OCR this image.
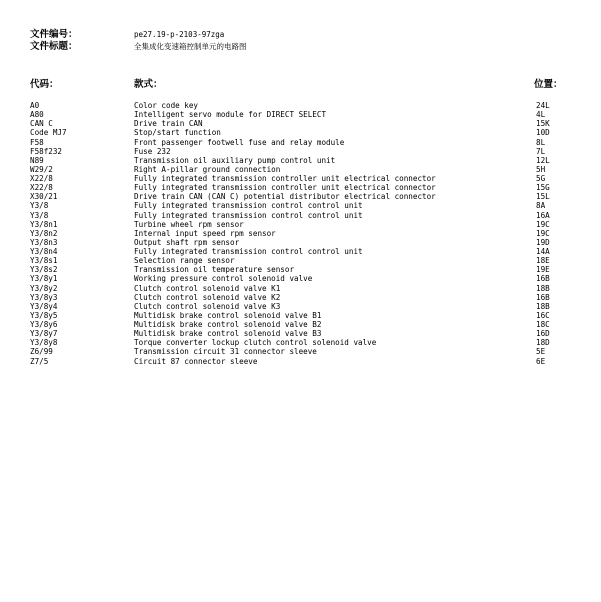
文件编号：	pe27.19-p-2103-97zga
文件标题：	全集成化变速箱控制单元的电路图
代码：	款式：	位置：
A0	Color code key	24L
A80	Intelligent servo module for DIRECT SELECT	4L
CAN C	Drive train CAN	15K
Code MJ7	Stop/start function	10D
F58	Front passenger footwell fuse and relay module	8L
F58f232	Fuse 232	7L
N89	Transmission oil auxiliary pump control unit	12L
W29/2	Right A-pillar ground connection	5H
X22/8	Fully integrated transmission controller unit electrical connector	5G
X22/8	Fully integrated transmission controller unit electrical connector	15G
X30/21	Drive train CAN (CAN C) potential distributor electrical connector	15L
Y3/8	Fully integrated transmission control control unit	8A
Y3/8	Fully integrated transmission control control unit	16A
Y3/8n1	Turbine wheel rpm sensor	19C
Y3/8n2	Internal input speed rpm sensor	19C
Y3/8n3	Output shaft rpm sensor	19D
Y3/8n4	Fully integrated transmission control control unit	14A
Y3/8s1	Selection range sensor	18E
Y3/8s2	Transmission oil temperature sensor	19E
Y3/8y1	Working pressure control solenoid valve	16B
Y3/8y2	Clutch control solenoid valve K1	18B
Y3/8y3	Clutch control solenoid valve K2	16B
Y3/8y4	Clutch control solenoid valve K3	18B
Y3/8y5	Multidisk brake control solenoid valve B1	16C
Y3/8y6	Multidisk brake control solenoid valve B2	18C
Y3/8y7	Multidisk brake control solenoid valve B3	16D
Y3/8y8	Torque converter lockup clutch control solenoid valve	18D
Z6/99	Transmission circuit 31 connector sleeve	5E
Z7/5	Circuit 87 connector sleeve	6E
